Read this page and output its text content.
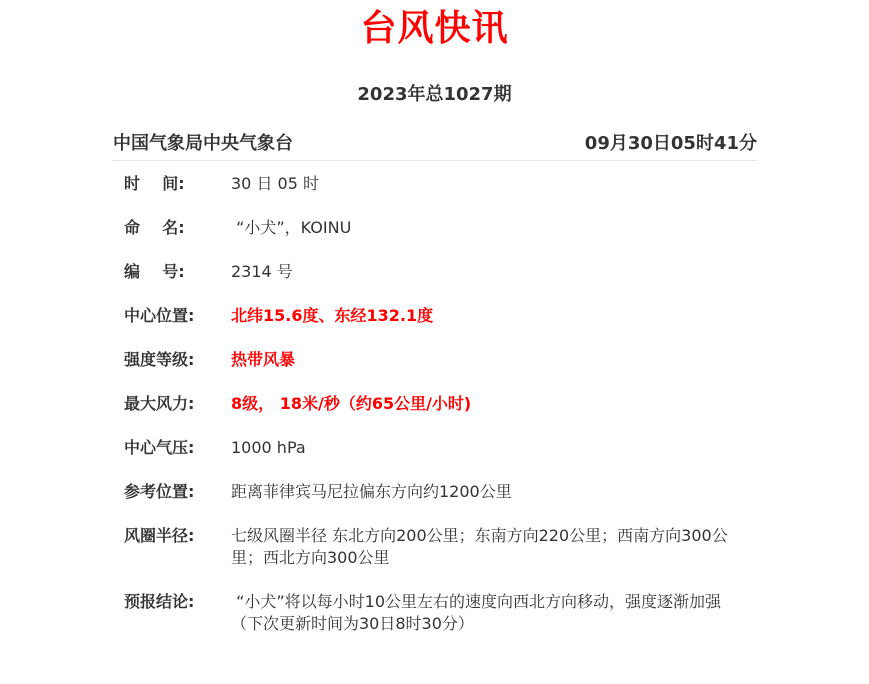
台风快讯
2023年总1027期
中国气象局中央气象台	09月30日05时41分
时    间:	30 日 05 时
命    名:	“小犬”，KOINU
编    号:	2314 号
中心位置:	北纬15.6度、东经132.1度
强度等级:	热带风暴
最大风力:	8级， 18米/秒（约65公里/小时)
中心气压:	1000 hPa
参考位置:	距离菲律宾马尼拉偏东方向约1200公里
风圈半径:	七级风圈半径 东北方向200公里；东南方向220公里；西南方向300公里；西北方向300公里
预报结论:	“小犬”将以每小时10公里左右的速度向西北方向移动，强度逐渐加强
（下次更新时间为30日8时30分）
